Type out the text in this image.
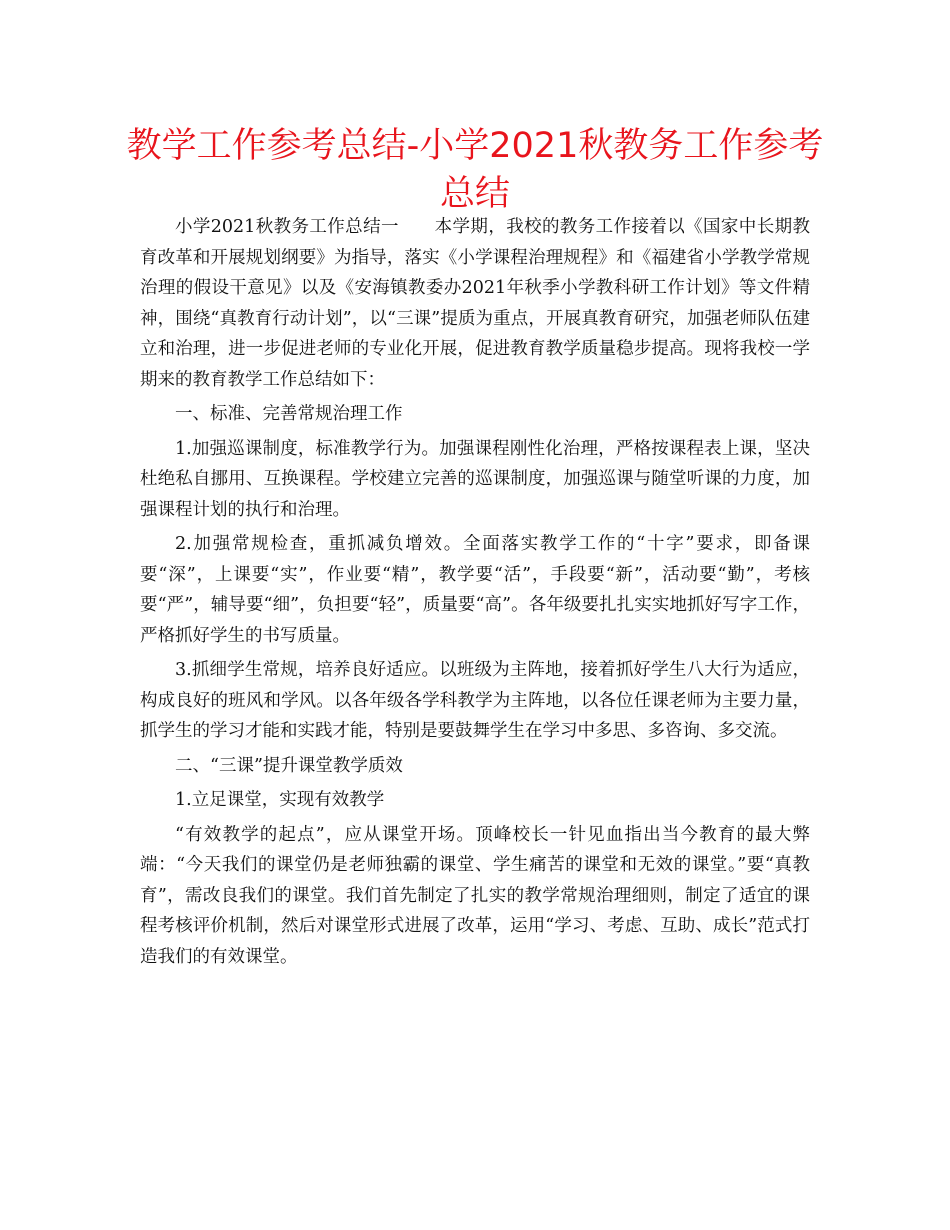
教学工作参考总结-小学2021秋教务工作参考总结

小学2021秋教务工作总结一　　本学期，我校的教务工作接着以《国家中长期教育改革和开展规划纲要》为指导，落实《小学课程治理规程》和《福建省小学教学常规治理的假设干意见》以及《安海镇教委办2021年秋季小学教科研工作计划》等文件精神，围绕“真教育行动计划”，以“三课”提质为重点，开展真教育研究，加强老师队伍建立和治理，进一步促进老师的专业化开展，促进教育教学质量稳步提高。现将我校一学期来的教育教学工作总结如下：

一、标准、完善常规治理工作

1.加强巡课制度，标准教学行为。加强课程刚性化治理，严格按课程表上课，坚决杜绝私自挪用、互换课程。学校建立完善的巡课制度，加强巡课与随堂听课的力度，加强课程计划的执行和治理。

2.加强常规检查，重抓减负增效。全面落实教学工作的“十字”要求，即备课要“深”，上课要“实”，作业要“精”，教学要“活”，手段要“新”，活动要“勤”，考核要“严”，辅导要“细”，负担要“轻”，质量要“高”。各年级要扎扎实实地抓好写字工作，严格抓好学生的书写质量。

3.抓细学生常规，培养良好适应。以班级为主阵地，接着抓好学生八大行为适应，构成良好的班风和学风。以各年级各学科教学为主阵地，以各位任课老师为主要力量，抓学生的学习才能和实践才能，特别是要鼓舞学生在学习中多思、多咨询、多交流。

二、“三课”提升课堂教学质效

1.立足课堂，实现有效教学

“有效教学的起点”，应从课堂开场。顶峰校长一针见血指出当今教育的最大弊端：“今天我们的课堂仍是老师独霸的课堂、学生痛苦的课堂和无效的课堂。”要“真教育”，需改良我们的课堂。我们首先制定了扎实的教学常规治理细则，制定了适宜的课程考核评价机制，然后对课堂形式进展了改革，运用“学习、考虑、互助、成长”范式打造我们的有效课堂。
